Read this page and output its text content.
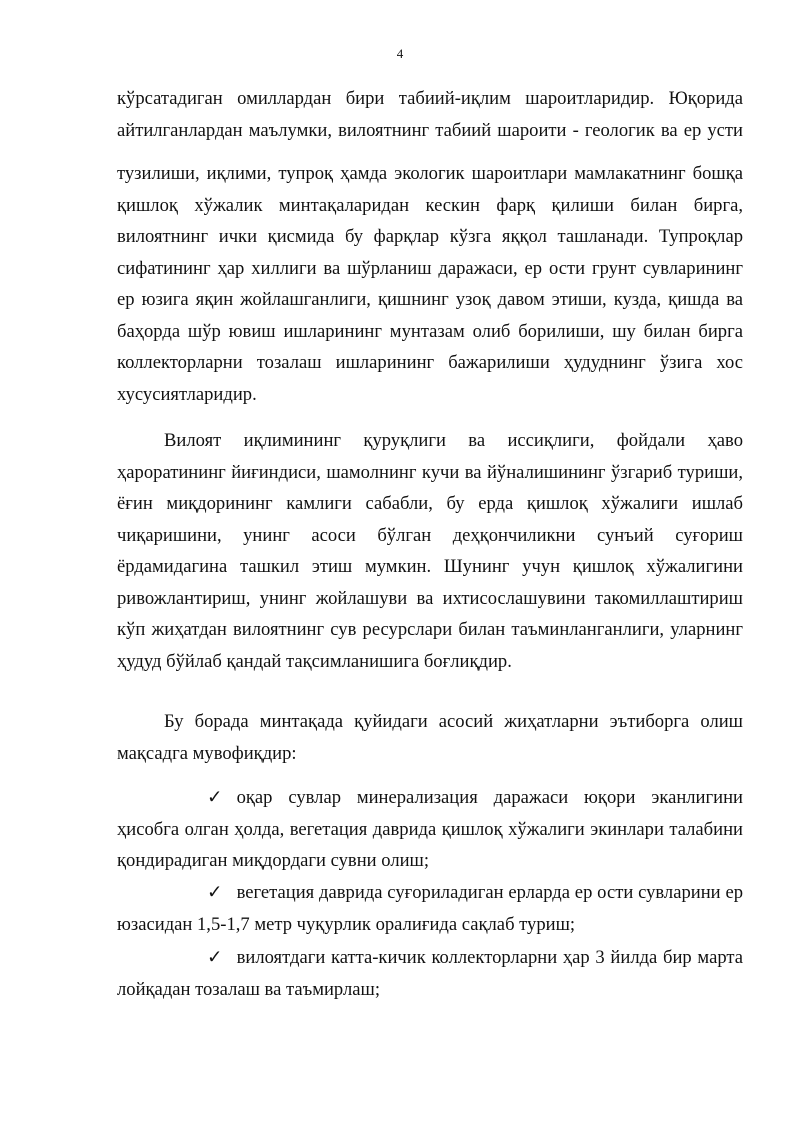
4

кўрсатадиган омиллардан бири табиий-иқлим шароитларидир. Юқорида айтилганлардан маълумки, вилоятнинг табиий шароити - геологик ва ер усти

тузилиши, иқлими, тупроқ ҳамда экологик шароитлари мамлакатнинг бошқа қишлоқ хўжалик минтақаларидан кескин фарқ қилиши билан бирга, вилоятнинг ички қисмида бу фарқлар кўзга яққол ташланади. Тупроқлар сифатининг ҳар хиллиги ва шўрланиш даражаси, ер ости грунт сувларининг ер юзига яқин жойлашганлиги, қишнинг узоқ давом этиши, кузда, қишда ва баҳорда шўр ювиш ишларининг мунтазам олиб борилиши, шу билан бирга коллекторларни тозалаш ишларининг бажарилиши ҳудуднинг ўзига хос хусусиятларидир.

Вилоят иқлимининг қуруқлиги ва иссиқлиги, фойдали ҳаво ҳароратининг йиғиндиси, шамолнинг кучи ва йўналишининг ўзгариб туриши, ёғин миқдорининг камлиги сабабли, бу ерда қишлоқ хўжалиги ишлаб чиқаришини, унинг асоси бўлган деҳқончиликни сунъий суғориш ёрдамидагина ташкил этиш мумкин. Шунинг учун қишлоқ хўжалигини ривожлантириш, унинг жойлашуви ва ихтисослашувини такомиллаштириш кўп жиҳатдан вилоятнинг сув ресурслари билан таъминланганлиги, уларнинг ҳудуд бўйлаб қандай тақсимланишига боғлиқдир.

Бу борада минтақада қуйидаги асосий жиҳатларни эътиборга олиш мақсадга мувофиқдир:

✓ оқар сувлар минерализация даражаси юқори эканлигини ҳисобга олган ҳолда, вегетация даврида қишлоқ хўжалиги экинлари талабини қондирадиган миқдордаги сувни олиш;

✓ вегетация даврида суғориладиган ерларда ер ости сувларини ер юзасидан 1,5-1,7 метр чуқурлик оралиғида сақлаб туриш;

✓ вилоятдаги катта-кичик коллекторларни ҳар 3 йилда бир марта лойқадан тозалаш ва таъмирлаш;
